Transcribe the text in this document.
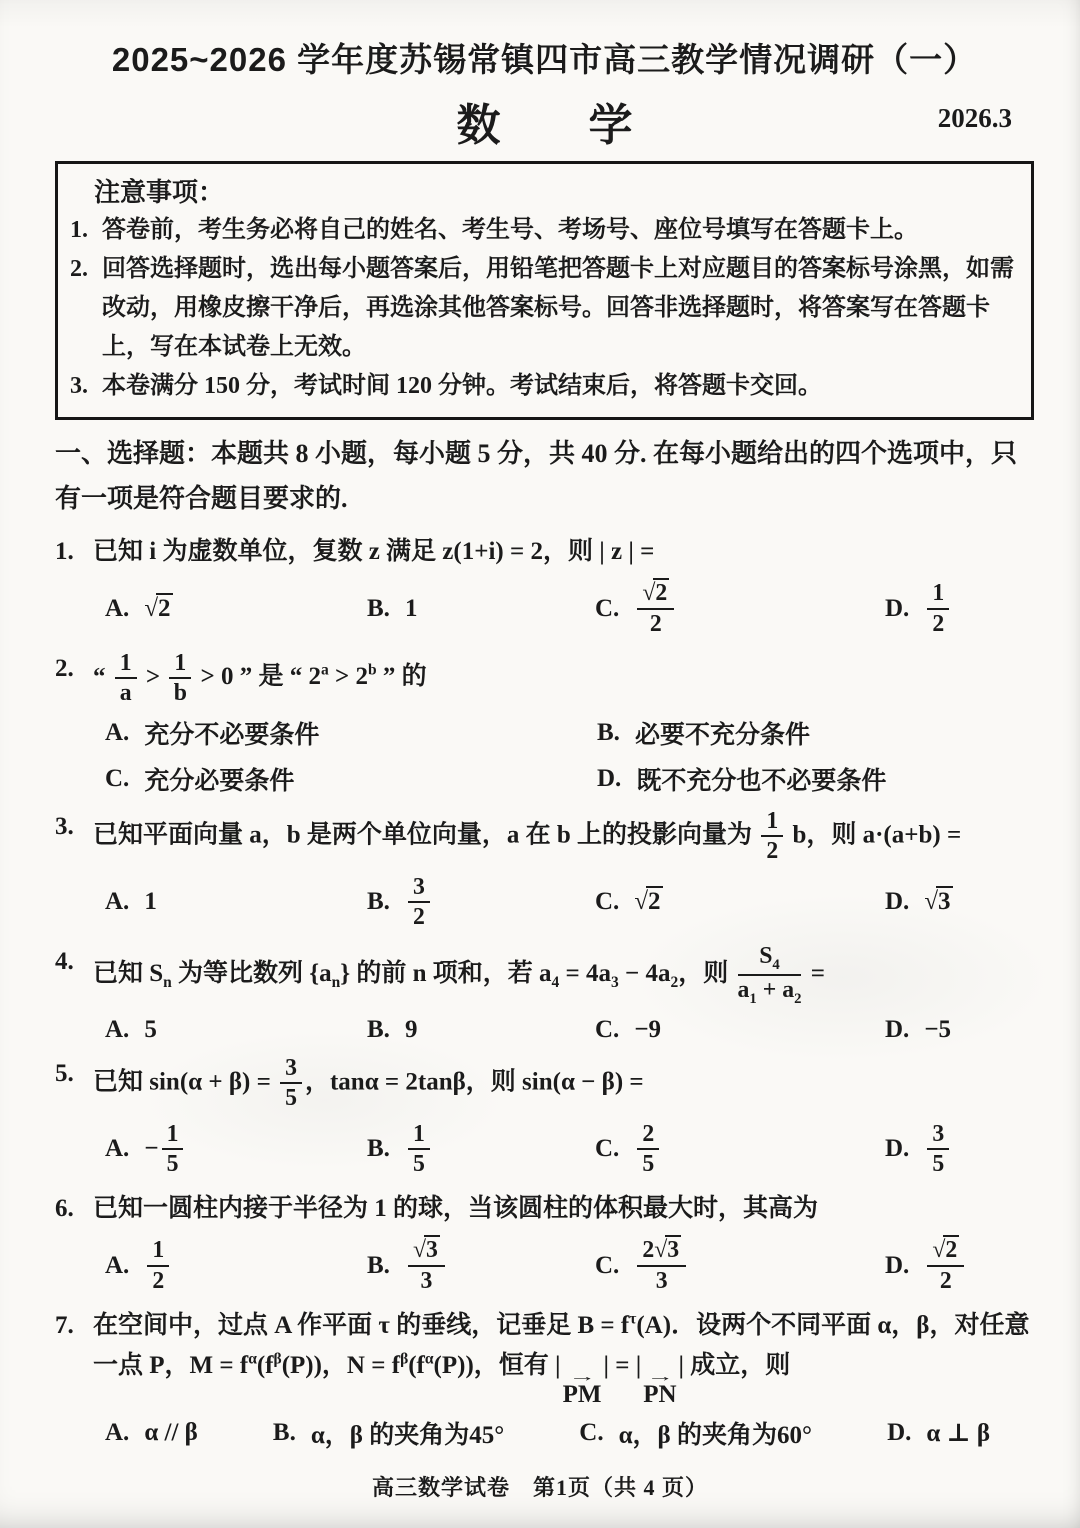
2025~2026 学年度苏锡常镇四市高三教学情况调研（一）
数　　学	2026.3
注意事项：
1. 答卷前，考生务必将自己的姓名、考生号、考场号、座位号填写在答题卡上。
2. 回答选择题时，选出每小题答案后，用铅笔把答题卡上对应题目的答案标号涂黑，如需改动，用橡皮擦干净后，再选涂其他答案标号。回答非选择题时，将答案写在答题卡上，写在本试卷上无效。
3. 本卷满分 150 分，考试时间 120 分钟。考试结束后，将答题卡交回。
一、选择题：本题共 8 小题，每小题 5 分，共 40 分. 在每小题给出的四个选项中，只有一项是符合题目要求的.
1. 已知 i 为虚数单位，复数 z 满足 z(1+i) = 2，则 | z | =
A. √2	B. 1	C. $\frac{√2}{2}$	D. $\frac{1}{2}$
2. “ $\frac{1}{a} > \frac{1}{b} > 0$ ” 是 “ $2^a > 2^b$ ” 的
A. 充分不必要条件	B. 必要不充分条件
C. 充分必要条件	D. 既不充分也不必要条件
3. 已知平面向量 a，b 是两个单位向量，a 在 b 上的投影向量为 $\frac{1}{2}$ b，则 a·(a+b) =
A. 1	B. $\frac{3}{2}$	C. √2	D. √3
4. 已知 $S_n$ 为等比数列 $\{a_n\}$ 的前 n 项和，若 $a_4 = 4a_3 - 4a_2$，则 $\frac{S_4}{a_1 + a_2}$ =
A. 5	B. 9	C. −9	D. −5
5. 已知 $\sin(\alpha + \beta) = \frac{3}{5}$ ，tanα = 2tanβ，则 sin(α − β) =
A. − $\frac{1}{5}$	B. $\frac{1}{5}$	C. $\frac{2}{5}$	D. $\frac{3}{5}$
6. 已知一圆柱内接于半径为 1 的球，当该圆柱的体积最大时，其高为
A. $\frac{1}{2}$	B. $\frac{√3}{3}$	C. $\frac{2√3}{3}$	D. $\frac{√2}{2}$
7. 在空间中，过点 A 作平面 τ 的垂线，记垂足 $B = f^\tau(A)$．设两个不同平面 α，β，对任意一点 P，$M = f^\alpha(f^\beta(P))$，$N = f^\beta(f^\alpha(P))$，恒有 | →
PM
| = | →
PN
| 成立，则
A. α // β	B. α，β 的夹角为45°	C. α，β 的夹角为60°	D. α ⊥ β
高三数学试卷　第1页（共 4 页）
